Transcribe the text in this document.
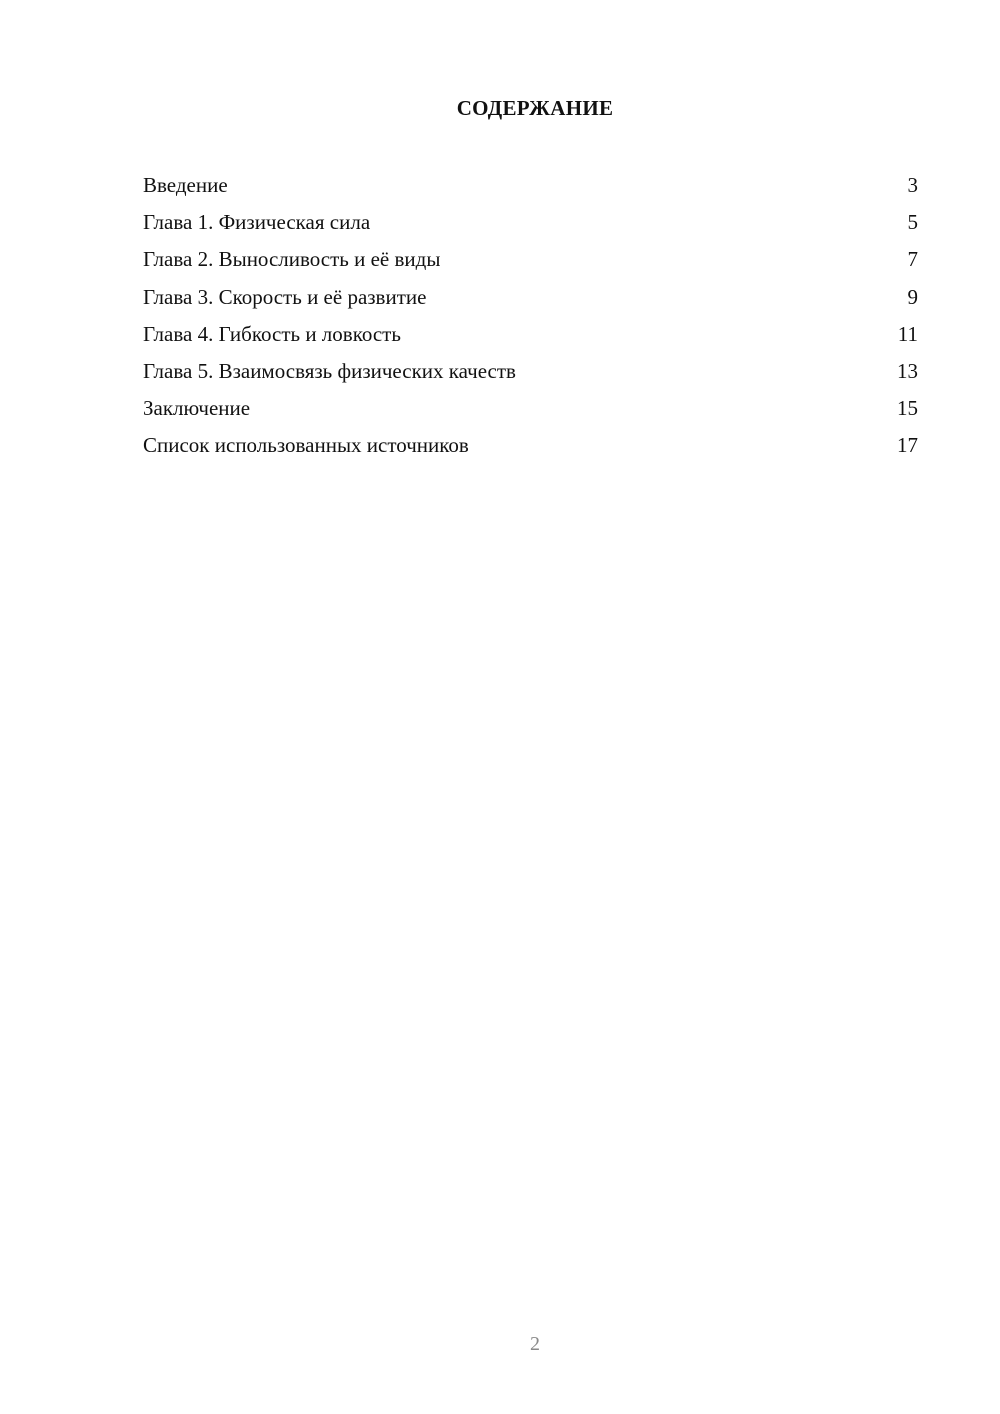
СОДЕРЖАНИЕ
Введение	3
Глава 1. Физическая сила	5
Глава 2. Выносливость и её виды	7
Глава 3. Скорость и её развитие	9
Глава 4. Гибкость и ловкость	11
Глава 5. Взаимосвязь физических качеств	13
Заключение	15
Список использованных источников	17
2
